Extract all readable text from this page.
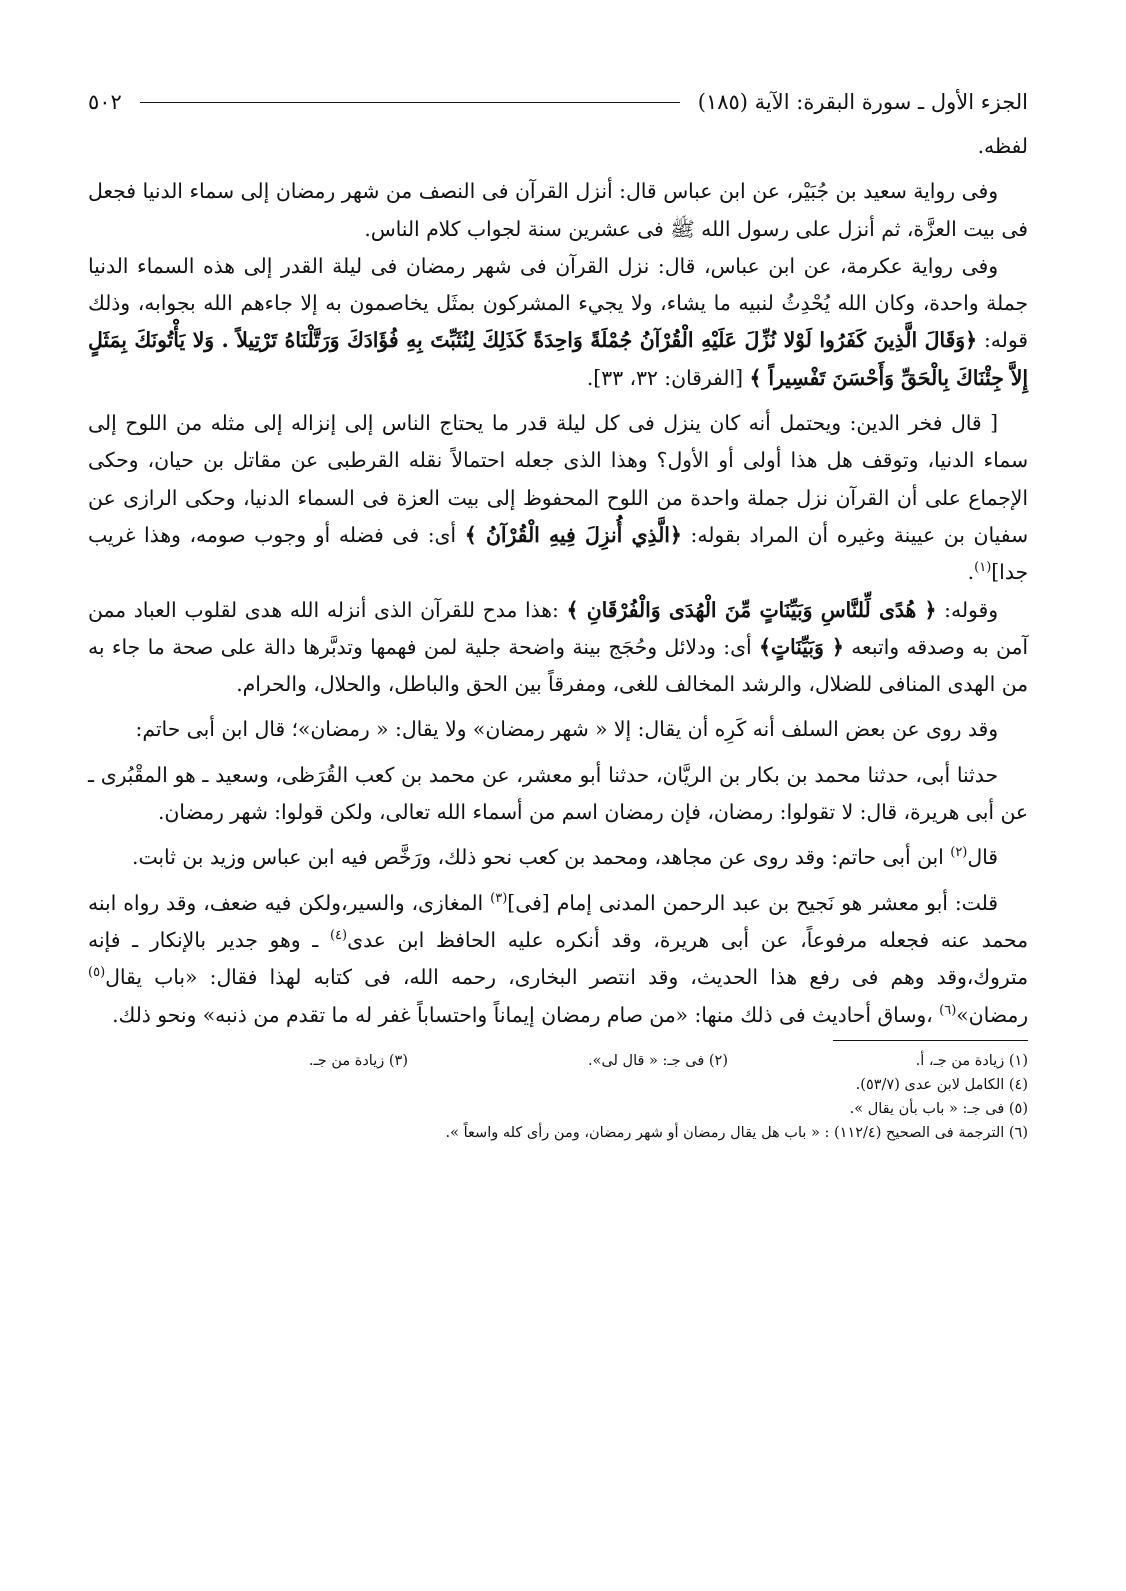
الجزء الأول ـ سورة البقرة: الآية (١٨٥)
٥٠٢

لفظه.

وفى رواية سعيد بن جُبَيْر، عن ابن عباس قال: أنزل القرآن فى النصف من شهر رمضان إلى سماء الدنيا فجعل فى بيت العزَّة، ثم أنزل على رسول الله ﷺ فى عشرين سنة لجواب كلام الناس.

وفى رواية عكرمة، عن ابن عباس، قال: نزل القرآن فى شهر رمضان فى ليلة القدر إلى هذه السماء الدنيا جملة واحدة، وكان الله يُحْدِثُ لنبيه ما يشاء، ولا يجيء المشركون بمثَل يخاصمون به إلا جاءهم الله بجوابه، وذلك قوله: ﴿وَقَالَ الَّذِينَ كَفَرُوا لَوْلا نُزِّلَ عَلَيْهِ الْقُرْآنُ جُمْلَةً وَاحِدَةً كَذَلِكَ لِنُثَبِّتَ بِهِ فُؤَادَكَ وَرَتَّلْنَاهُ تَرْتِيلاً . وَلا يَأْتُونَكَ بِمَثَلٍ إِلاَّ جِئْنَاكَ بِالْحَقِّ وَأَحْسَنَ تَفْسِيراً ﴾ [الفرقان: ٣٢، ٣٣].

[ قال فخر الدين: ويحتمل أنه كان ينزل فى كل ليلة قدر ما يحتاج الناس إلى إنزاله إلى مثله من اللوح إلى سماء الدنيا، وتوقف هل هذا أولى أو الأول؟ وهذا الذى جعله احتمالاً نقله القرطبى عن مقاتل بن حيان، وحكى الإجماع على أن القرآن نزل جملة واحدة من اللوح المحفوظ إلى بيت العزة فى السماء الدنيا، وحكى الرازى عن سفيان بن عيينة وغيره أن المراد بقوله: ﴿الَّذِي أُنزِلَ فِيهِ الْقُرْآنُ ﴾ أى: فى فضله أو وجوب صومه، وهذا غريب جدا]$^{(١)}$.

وقوله: ﴿ هُدًى لِّلنَّاسِ وَبَيِّنَاتٍ مِّنَ الْهُدَى وَالْفُرْقَانِ ﴾ :هذا مدح للقرآن الذى أنزله الله هدى لقلوب العباد ممن آمن به وصدقه واتبعه ﴿ وَبَيِّنَاتٍ﴾ أى: ودلائل وحُجَج بينة واضحة جلية لمن فهمها وتدبَّرها دالة على صحة ما جاء به من الهدى المنافى للضلال، والرشد المخالف للغى، ومفرقاً بين الحق والباطل، والحلال، والحرام.

وقد روى عن بعض السلف أنه كَرِه أن يقال: إلا « شهر رمضان» ولا يقال: « رمضان»؛ قال ابن أبى حاتم:

حدثنا أبى، حدثنا محمد بن بكار بن الريَّان، حدثنا أبو معشر، عن محمد بن كعب القُرَظى، وسعيد ـ هو المقْبُرى ـ عن أبى هريرة، قال: لا تقولوا: رمضان، فإن رمضان اسم من أسماء الله تعالى، ولكن قولوا: شهر رمضان.

قال$^{(٢)}$ ابن أبى حاتم: وقد روى عن مجاهد، ومحمد بن كعب نحو ذلك، ورَخَّص فيه ابن عباس وزيد بن ثابت.

قلت: أبو معشر هو نَجيح بن عبد الرحمن المدنى إمام [فى]$^{(٣)}$ المغازى، والسير،ولكن فيه ضعف، وقد رواه ابنه محمد عنه فجعله مرفوعاً، عن أبى هريرة، وقد أنكره عليه الحافظ ابن عدى$^{(٤)}$ ـ وهو جدير بالإنكار ـ فإنه متروك،وقد وهم فى رفع هذا الحديث، وقد انتصر البخارى، رحمه الله، فى كتابه لهذا فقال: «باب يقال$^{(٥)}$ رمضان»$^{(٦)}$ ،وساق أحاديث فى ذلك منها: «من صام رمضان إيماناً واحتساباً غفر له ما تقدم من ذنبه» ونحو ذلك.

(١) زيادة من جـ، أ.
(٢) فى جـ: « قال لى».
(٣) زيادة من جـ.
(٤) الكامل لابن عدى (٥٣/٧).
(٥) فى جـ: « باب بأن يقال ».
(٦) الترجمة فى الصحيح (١١٢/٤) : « باب هل يقال رمضان أو شهر رمضان، ومن رأى كله واسعاً ».
